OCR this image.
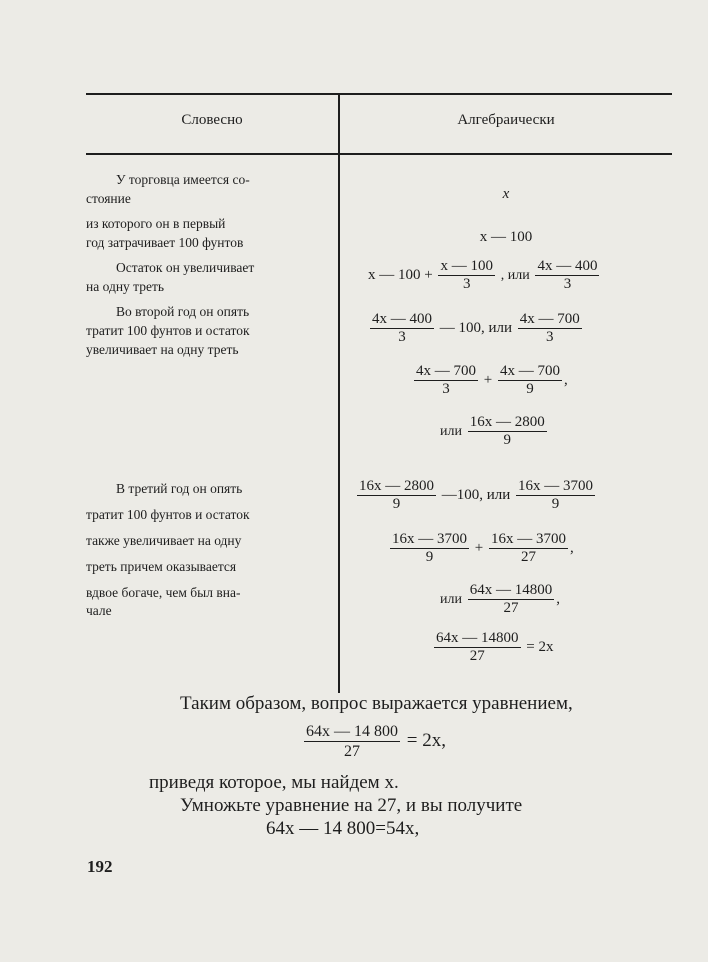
Словесно	Алгебраически
У торговца имеется со-
стояние
из которого он в первый
год затрачивает 100 фунтов
Остаток он увеличивает
на одну треть
Во второй год он опять
тратит 100 фунтов и остаток
увеличивает на одну треть
В третий год он опять
тратит 100 фунтов и остаток
также увеличивает на одну
треть причем оказывается
вдвое богаче, чем был вна-
чале
x
x — 100
x — $100 + \frac{x — 100}{3}$ , или $\frac{4x — 400}{3}$
$\frac{4x — 400}{3}$ — 100, или $\frac{4x — 700}{3}$
$\frac{4x — 700}{3} + \frac{4x — 700}{9}$ ,
или $\frac{16x — 2800}{9}$
$\frac{16x — 2800}{9}$ —100, или $\frac{16x — 3700}{9}$
$\frac{16x — 3700}{9} + \frac{16x — 3700}{27}$ ,
или $\frac{64x — 14800}{27}$ ,
$\frac{64x — 14800}{27} = 2x$
Таким образом, вопрос выражается уравнением,
$\frac{64x — 14 800}{27} = 2x$,
приведя которое, мы найдем x.
Умножьте уравнение на 27, и вы получите
64x — 14 800=54x,
192
